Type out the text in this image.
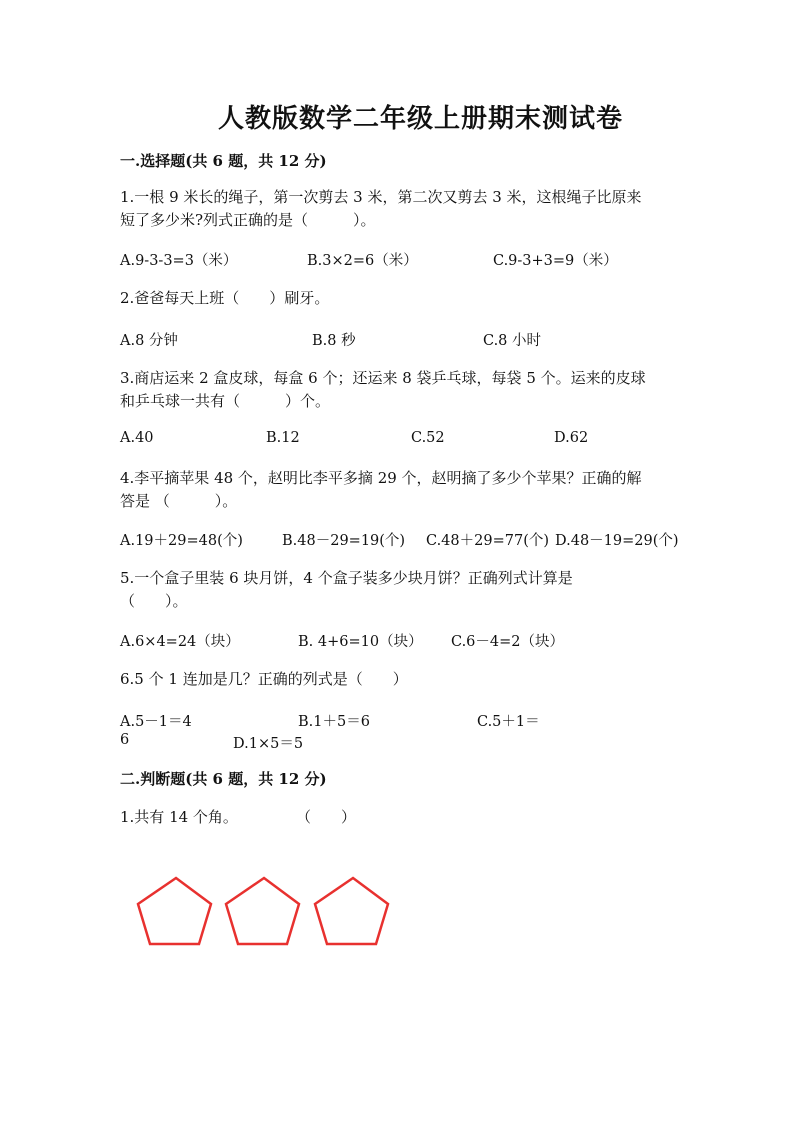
人教版数学二年级上册期末测试卷
一.选择题(共 6 题，共 12 分)
1.一根 9 米长的绳子，第一次剪去 3 米，第二次又剪去 3 米，这根绳子比原来
短了多少米?列式正确的是（　　　）。
A.9-3-3=3（米）	B.3×2=6（米）	C.9-3+3=9（米）
2.爸爸每天上班（　　）刷牙。
A.8 分钟	B.8 秒	C.8 小时
3.商店运来 2 盒皮球，每盒 6 个；还运来 8 袋乒乓球，每袋 5 个。运来的皮球
和乒乓球一共有（　　　）个。
A.40	B.12	C.52	D.62
4.李平摘苹果 48 个，赵明比李平多摘 29 个，赵明摘了多少个苹果？正确的解
答是 （　　　）。
A.19＋29=48(个)	B.48－29=19(个) C.48＋29=77(个) D.48－19=29(个)
5.一个盒子里装 6 块月饼，4 个盒子装多少块月饼？正确列式计算是
（　　）。
A.6×4=24（块）	B. 4+6=10（块） C.6－4=2（块）
6.5 个 1 连加是几？正确的列式是（　　）
A.5－1＝4	B.1＋5＝6	C.5＋1＝
6	D.1×5＝5
二.判断题(共 6 题，共 12 分)
1.共有 14 个角。	（　　）
